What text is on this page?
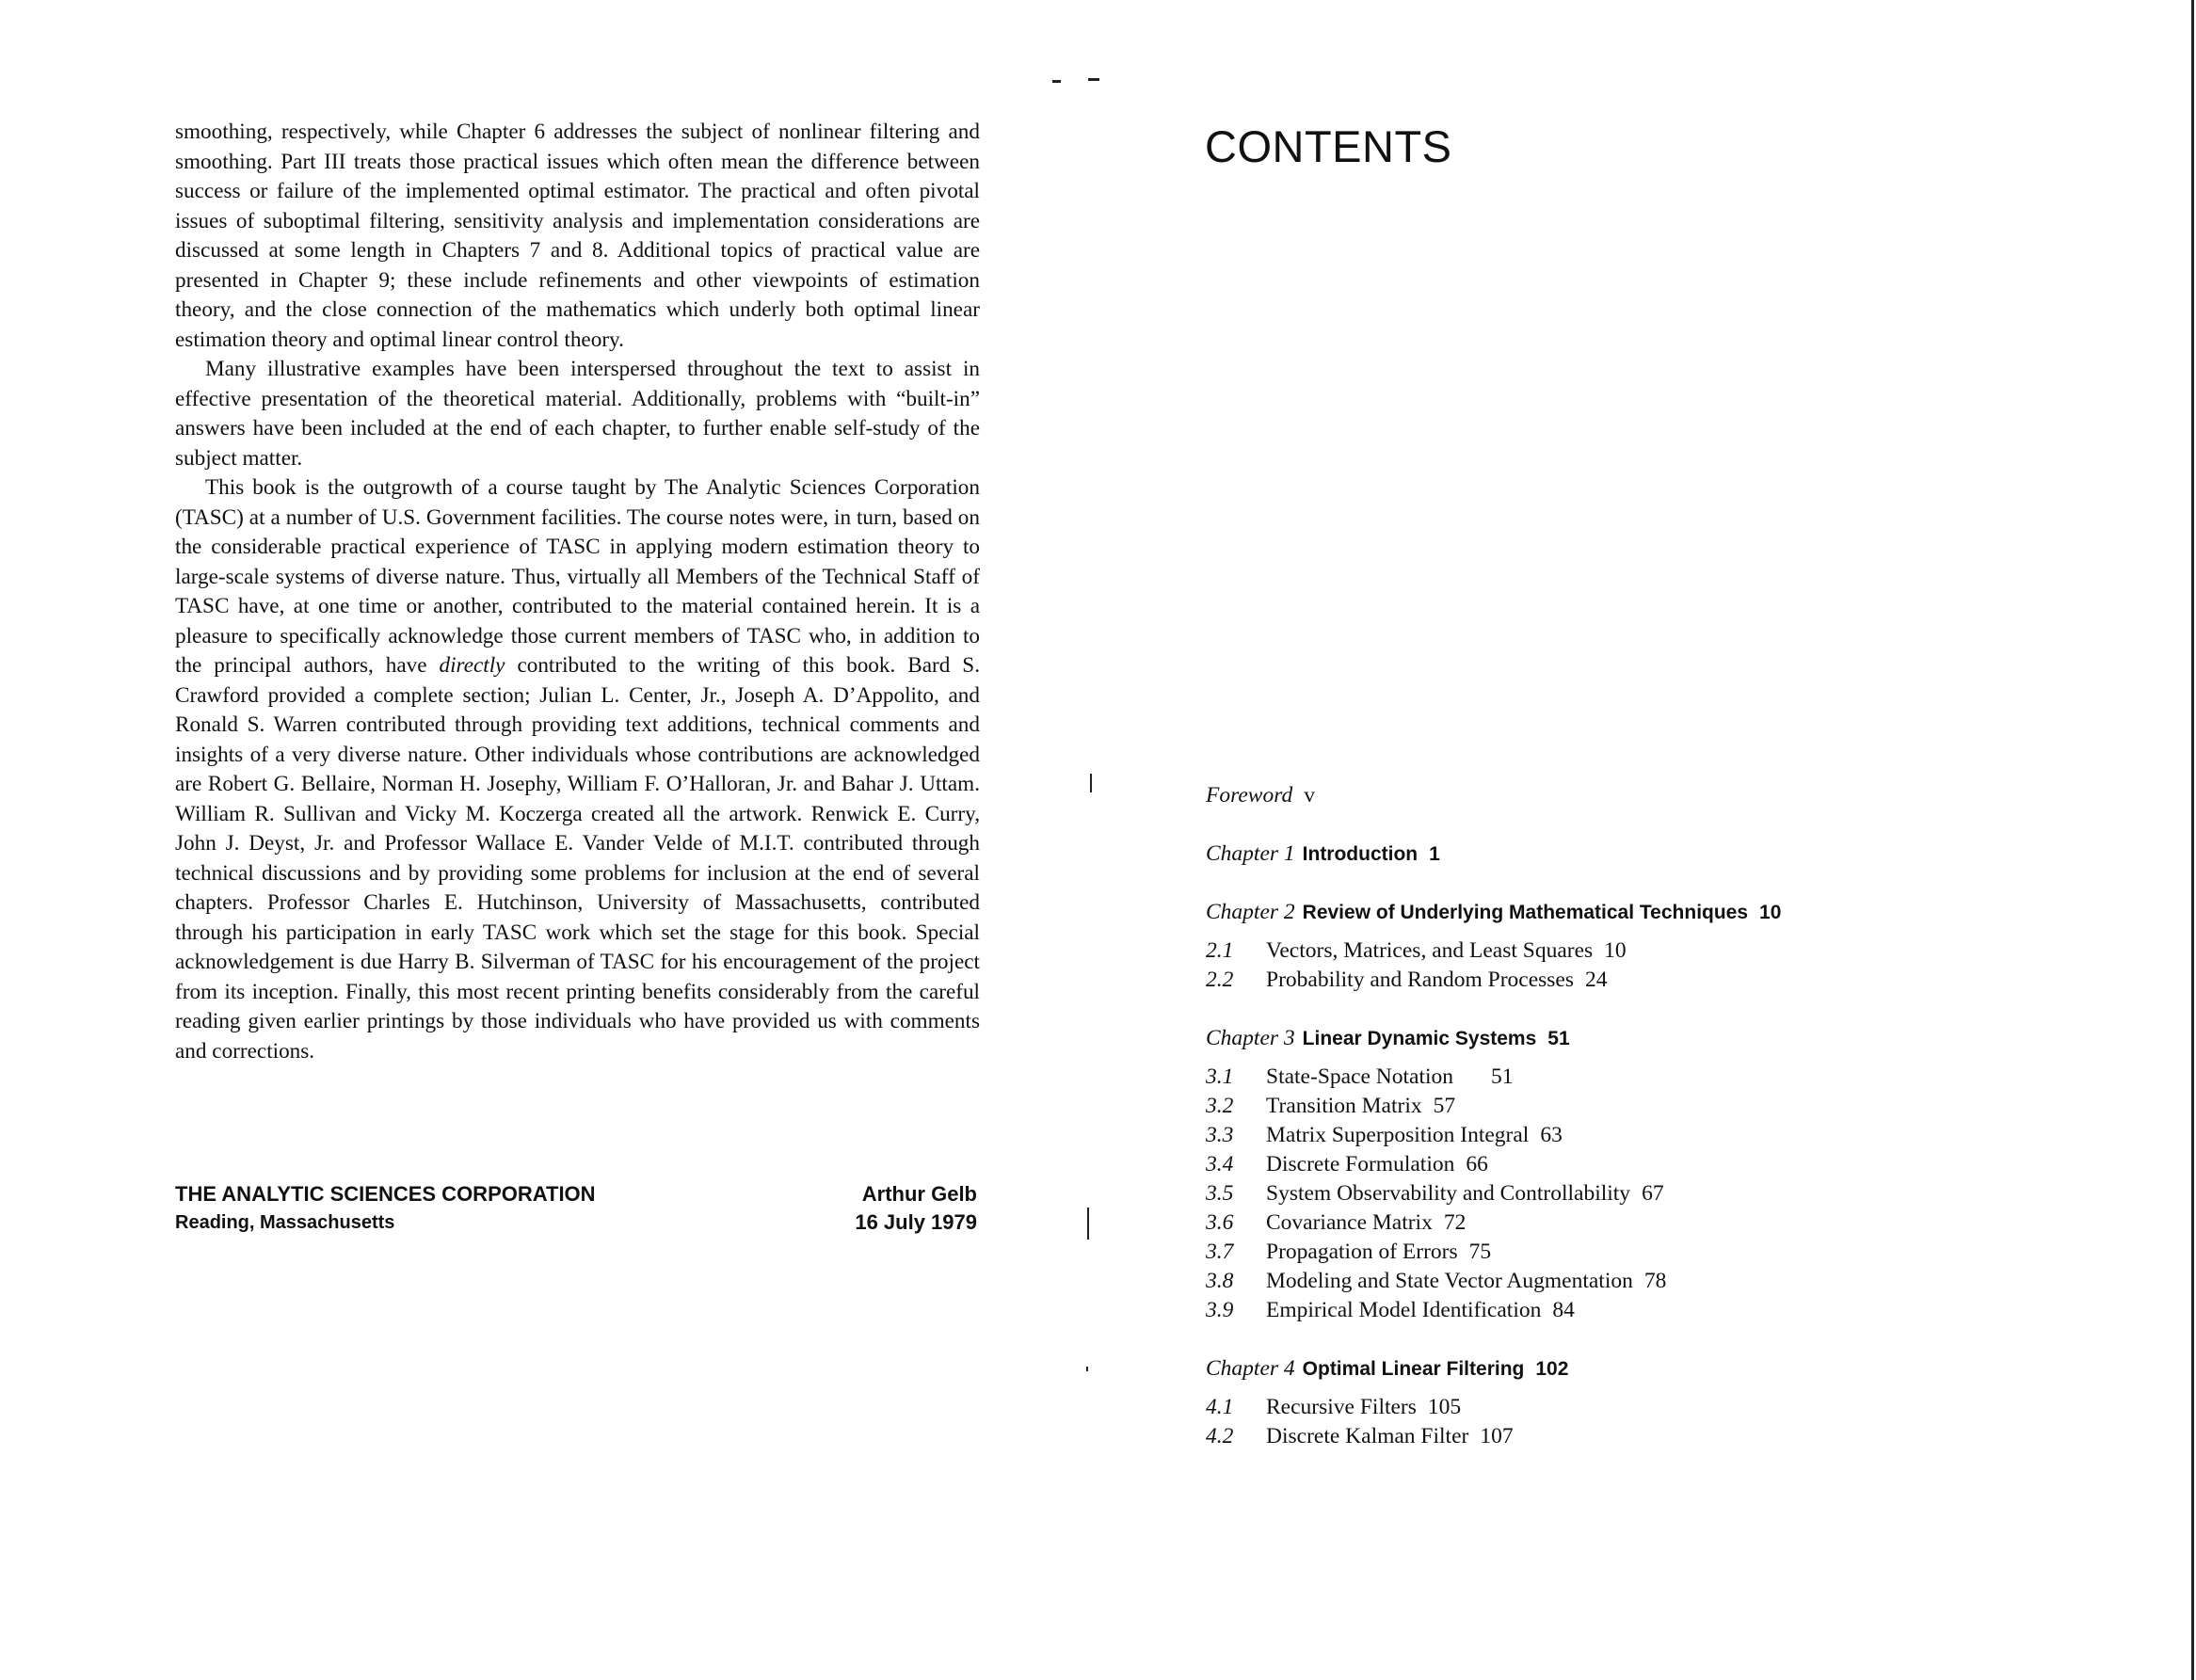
smoothing, respectively, while Chapter 6 addresses the subject of nonlinear filtering and smoothing. Part III treats those practical issues which often mean the difference between success or failure of the implemented optimal estimator. The practical and often pivotal issues of suboptimal filtering, sensitivity analysis and implementation considerations are discussed at some length in Chapters 7 and 8. Additional topics of practical value are presented in Chapter 9; these include refinements and other viewpoints of estimation theory, and the close connection of the mathematics which underly both optimal linear estimation theory and optimal linear control theory.

Many illustrative examples have been interspersed throughout the text to assist in effective presentation of the theoretical material. Additionally, problems with “built-in” answers have been included at the end of each chapter, to further enable self-study of the subject matter.

This book is the outgrowth of a course taught by The Analytic Sciences Corporation (TASC) at a number of U.S. Government facilities. The course notes were, in turn, based on the considerable practical experience of TASC in applying modern estimation theory to large-scale systems of diverse nature. Thus, virtually all Members of the Technical Staff of TASC have, at one time or another, contributed to the material contained herein. It is a pleasure to specifically acknowledge those current members of TASC who, in addition to the principal authors, have directly contributed to the writing of this book. Bard S. Crawford provided a complete section; Julian L. Center, Jr., Joseph A. D’Appolito, and Ronald S. Warren contributed through providing text additions, technical comments and insights of a very diverse nature. Other individuals whose contributions are acknowledged are Robert G. Bellaire, Norman H. Josephy, William F. O’Halloran, Jr. and Bahar J. Uttam. William R. Sullivan and Vicky M. Koczerga created all the artwork. Renwick E. Curry, John J. Deyst, Jr. and Professor Wallace E. Vander Velde of M.I.T. contributed through technical discussions and by providing some problems for inclusion at the end of several chapters. Professor Charles E. Hutchinson, University of Massachusetts, contributed through his participation in early TASC work which set the stage for this book. Special acknowledgement is due Harry B. Silverman of TASC for his encouragement of the project from its inception. Finally, this most recent printing benefits considerably from the careful reading given earlier printings by those individuals who have provided us with comments and corrections.

THE ANALYTIC SCIENCES CORPORATION
Reading, Massachusetts
Arthur Gelb
16 July 1979
CONTENTS
Foreword v
Chapter 1 Introduction 1
Chapter 2 Review of Underlying Mathematical Techniques 10
2.1 Vectors, Matrices, and Least Squares 10
2.2 Probability and Random Processes 24
Chapter 3 Linear Dynamic Systems 51
3.1 State-Space Notation 51
3.2 Transition Matrix 57
3.3 Matrix Superposition Integral 63
3.4 Discrete Formulation 66
3.5 System Observability and Controllability 67
3.6 Covariance Matrix 72
3.7 Propagation of Errors 75
3.8 Modeling and State Vector Augmentation 78
3.9 Empirical Model Identification 84
Chapter 4 Optimal Linear Filtering 102
4.1 Recursive Filters 105
4.2 Discrete Kalman Filter 107
